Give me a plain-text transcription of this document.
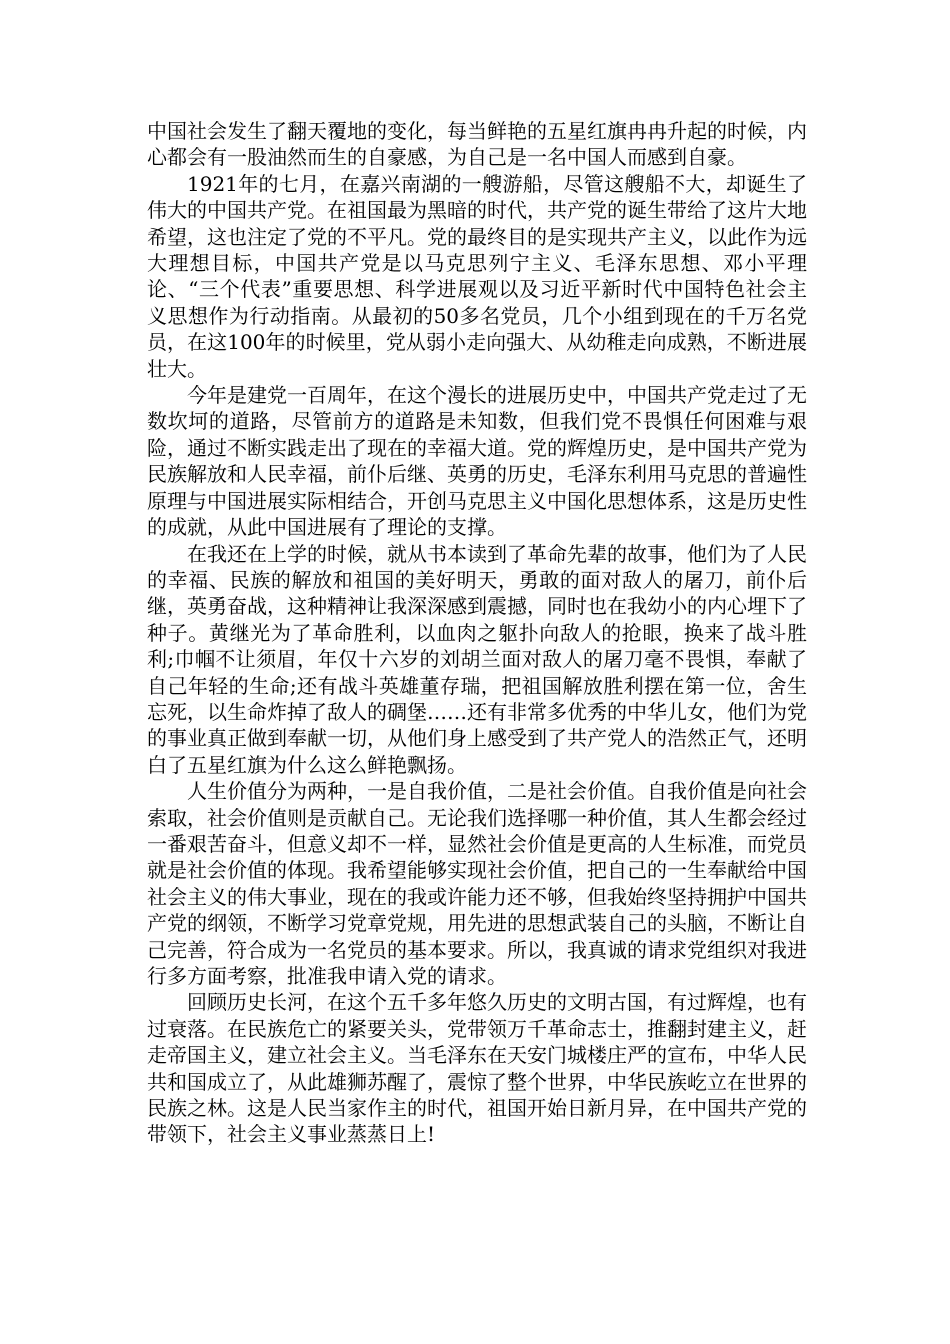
中国社会发生了翻天覆地的变化，每当鲜艳的五星红旗冉冉升起的时候，内心都会有一股油然而生的自豪感，为自己是一名中国人而感到自豪。

1921年的七月，在嘉兴南湖的一艘游船，尽管这艘船不大，却诞生了伟大的中国共产党。在祖国最为黑暗的时代，共产党的诞生带给了这片大地希望，这也注定了党的不平凡。党的最终目的是实现共产主义，以此作为远大理想目标，中国共产党是以马克思列宁主义、毛泽东思想、邓小平理论、“三个代表”重要思想、科学进展观以及习近平新时代中国特色社会主义思想作为行动指南。从最初的50多名党员，几个小组到现在的千万名党员，在这100年的时候里，党从弱小走向强大、从幼稚走向成熟，不断进展壮大。

今年是建党一百周年，在这个漫长的进展历史中，中国共产党走过了无数坎坷的道路，尽管前方的道路是未知数，但我们党不畏惧任何困难与艰险，通过不断实践走出了现在的幸福大道。党的辉煌历史，是中国共产党为民族解放和人民幸福，前仆后继、英勇的历史，毛泽东利用马克思的普遍性原理与中国进展实际相结合，开创马克思主义中国化思想体系，这是历史性的成就，从此中国进展有了理论的支撑。

在我还在上学的时候，就从书本读到了革命先辈的故事，他们为了人民的幸福、民族的解放和祖国的美好明天，勇敢的面对敌人的屠刀，前仆后继，英勇奋战，这种精神让我深深感到震撼，同时也在我幼小的内心埋下了种子。黄继光为了革命胜利，以血肉之躯扑向敌人的抢眼，换来了战斗胜利;巾帼不让须眉，年仅十六岁的刘胡兰面对敌人的屠刀毫不畏惧，奉献了自己年轻的生命;还有战斗英雄董存瑞，把祖国解放胜利摆在第一位，舍生忘死，以生命炸掉了敌人的碉堡……还有非常多优秀的中华儿女，他们为党的事业真正做到奉献一切，从他们身上感受到了共产党人的浩然正气，还明白了五星红旗为什么这么鲜艳飘扬。

人生价值分为两种，一是自我价值，二是社会价值。自我价值是向社会索取，社会价值则是贡献自己。无论我们选择哪一种价值，其人生都会经过一番艰苦奋斗，但意义却不一样，显然社会价值是更高的人生标准，而党员就是社会价值的体现。我希望能够实现社会价值，把自己的一生奉献给中国社会主义的伟大事业，现在的我或许能力还不够，但我始终坚持拥护中国共产党的纲领，不断学习党章党规，用先进的思想武装自己的头脑，不断让自己完善，符合成为一名党员的基本要求。所以，我真诚的请求党组织对我进行多方面考察，批准我申请入党的请求。

回顾历史长河，在这个五千多年悠久历史的文明古国，有过辉煌，也有过衰落。在民族危亡的紧要关头，党带领万千革命志士，推翻封建主义，赶走帝国主义，建立社会主义。当毛泽东在天安门城楼庄严的宣布，中华人民共和国成立了，从此雄狮苏醒了，震惊了整个世界，中华民族屹立在世界的民族之林。这是人民当家作主的时代，祖国开始日新月异，在中国共产党的带领下，社会主义事业蒸蒸日上!
